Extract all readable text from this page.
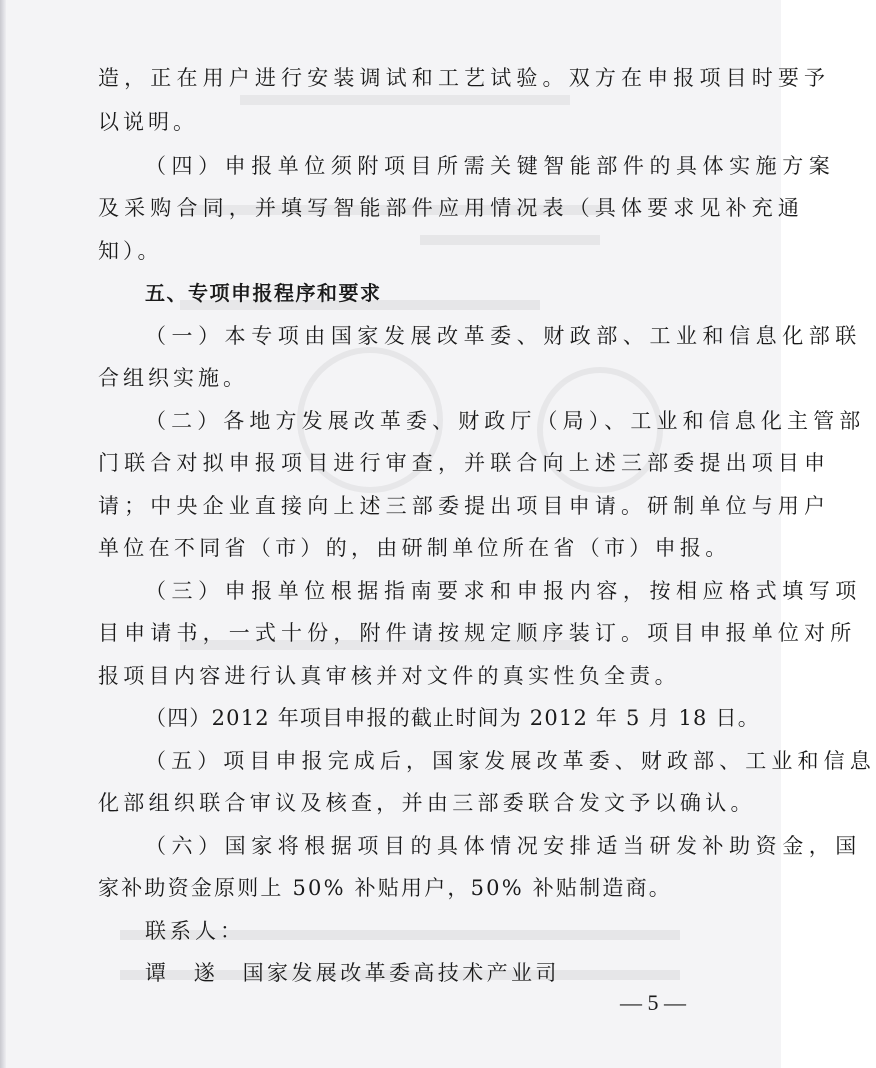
造，正在用户进行安装调试和工艺试验。双方在申报项目时要予
以说明。
（四）申报单位须附项目所需关键智能部件的具体实施方案
及采购合同，并填写智能部件应用情况表（具体要求见补充通
知）。
五、专项申报程序和要求
（一）本专项由国家发展改革委、财政部、工业和信息化部联
合组织实施。
（二）各地方发展改革委、财政厅（局）、工业和信息化主管部
门联合对拟申报项目进行审查，并联合向上述三部委提出项目申
请；中央企业直接向上述三部委提出项目申请。研制单位与用户
单位在不同省（市）的，由研制单位所在省（市）申报。
（三）申报单位根据指南要求和申报内容，按相应格式填写项
目申请书，一式十份，附件请按规定顺序装订。项目申报单位对所
报项目内容进行认真审核并对文件的真实性负全责。
（四）2012 年项目申报的截止时间为 2012 年 5 月 18 日。
（五）项目申报完成后，国家发展改革委、财政部、工业和信息
化部组织联合审议及核查，并由三部委联合发文予以确认。
（六）国家将根据项目的具体情况安排适当研发补助资金，国
家补助资金原则上 50% 补贴用户，50% 补贴制造商。
联系人：
谭　遂　国家发展改革委高技术产业司
— 5 —
